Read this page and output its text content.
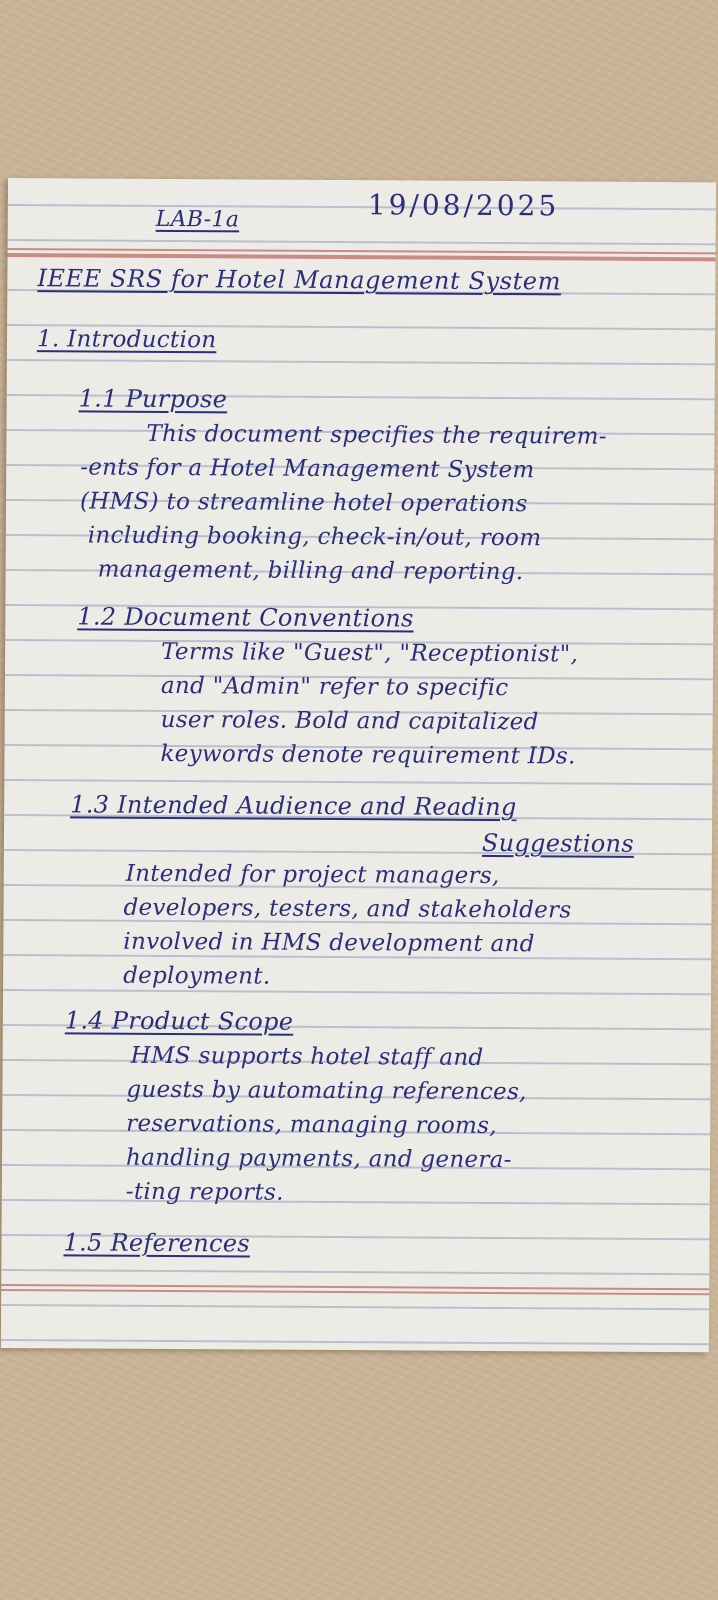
LAB-1a	19/08/2025
IEEE SRS for Hotel Management System
1. Introduction
1.1 Purpose
This document specifies the requirem-
-ents for a Hotel Management System
(HMS) to streamline hotel operations
including booking, check-in/out, room
management, billing and reporting.
1.2 Document Conventions
Terms like "Guest", "Receptionist",
and "Admin" refer to specific
user roles. Bold and capitalized
keywords denote requirement IDs.
1.3 Intended Audience and Reading
Suggestions
Intended for project managers,
developers, testers, and stakeholders
involved in HMS development and
deployment.
1.4 Product Scope
HMS supports hotel staff and
guests by automating references,
reservations, managing rooms,
handling payments, and genera-
-ting reports.
1.5 References
